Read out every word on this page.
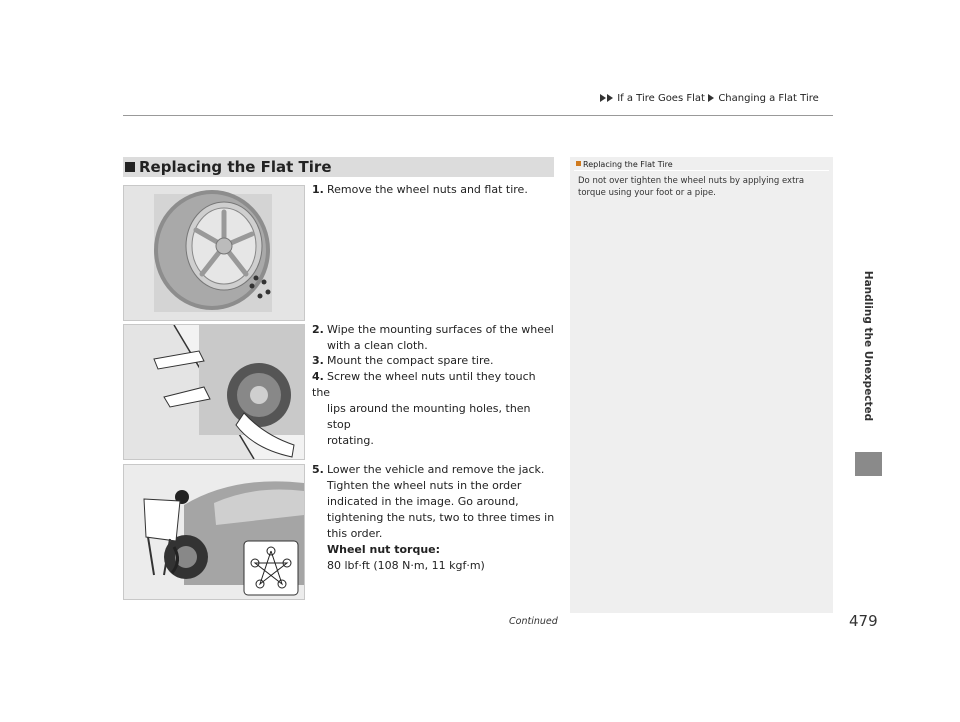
If a Tire Goes Flat Changing a Flat Tire
Handling the Unexpected
Replacing the Flat Tire
1. Remove the wheel nuts and flat tire.
2. Wipe the mounting surfaces of the wheel
with a clean cloth.
3. Mount the compact spare tire.
4. Screw the wheel nuts until they touch the
lips around the mounting holes, then stop
rotating.
5. Lower the vehicle and remove the jack.
Tighten the wheel nuts in the order
indicated in the image. Go around,
tightening the nuts, two to three times in
this order.
Wheel nut torque:
80 lbf·ft (108 N·m, 11 kgf·m)
Replacing the Flat Tire
Do not over tighten the wheel nuts by applying extra
torque using your foot or a pipe.
Continued	479
